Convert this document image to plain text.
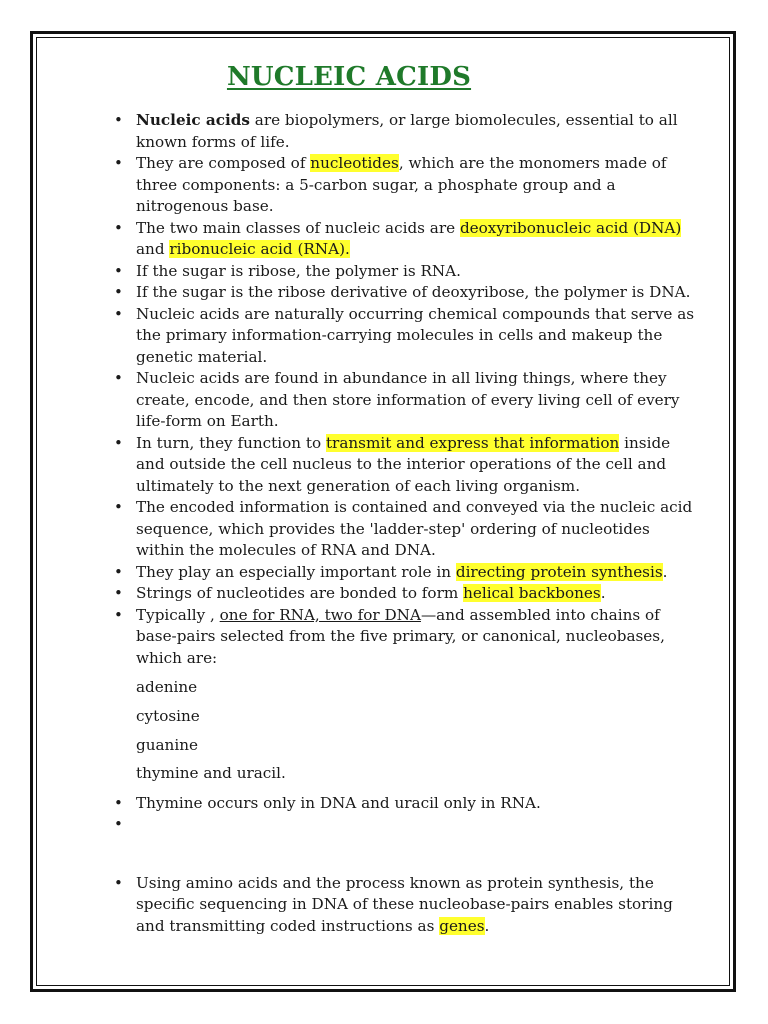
NUCLEIC ACIDS
• Nucleic acids are biopolymers, or large biomolecules, essential to all known forms of life.
• They are composed of nucleotides, which are the monomers made of three components: a 5-carbon sugar, a phosphate group and a nitrogenous base.
• The two main classes of nucleic acids are deoxyribonucleic acid (DNA) and ribonucleic acid (RNA).
• If the sugar is ribose, the polymer is RNA.
• If the sugar is the ribose derivative of deoxyribose, the polymer is DNA.
• Nucleic acids are naturally occurring chemical compounds that serve as the primary information-carrying molecules in cells and makeup the genetic material.
• Nucleic acids are found in abundance in all living things, where they create, encode, and then store information of every living cell of every life-form on Earth.
• In turn, they function to transmit and express that information inside and outside the cell nucleus to the interior operations of the cell and ultimately to the next generation of each living organism.
• The encoded information is contained and conveyed via the nucleic acid sequence, which provides the 'ladder-step' ordering of nucleotides within the molecules of RNA and DNA.
• They play an especially important role in directing protein synthesis.
• Strings of nucleotides are bonded to form helical backbones.
• Typically , one for RNA, two for DNA—and assembled into chains of base-pairs selected from the five primary, or canonical, nucleobases, which are:
adenine
cytosine
guanine
thymine and uracil.
• Thymine occurs only in DNA and uracil only in RNA.
•
• Using amino acids and the process known as protein synthesis, the specific sequencing in DNA of these nucleobase-pairs enables storing and transmitting coded instructions as genes.
